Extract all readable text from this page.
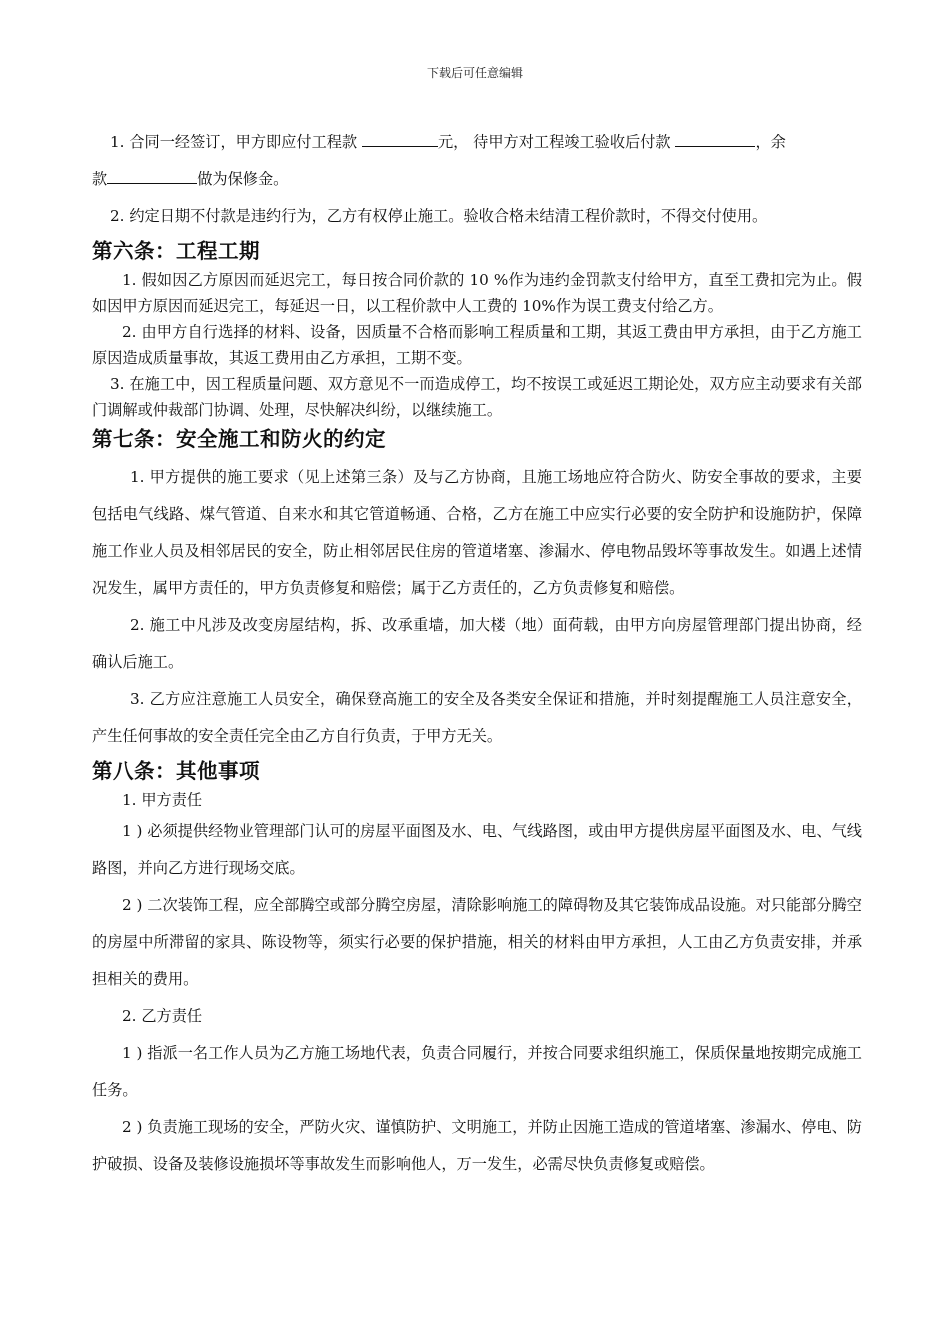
下载后可任意编辑

1. 合同一经签订，甲方即应付工程款	元， 待甲方对工程竣工验收后付款	，余
款	做为保修金。

2. 约定日期不付款是违约行为，乙方有权停止施工。验收合格未结清工程价款时，不得交付使用。

第六条：工程工期

1. 假如因乙方原因而延迟完工，每日按合同价款的 10 %作为违约金罚款支付给甲方，直至工费扣完为止。假如因甲方原因而延迟完工，每延迟一日，以工程价款中人工费的 10%作为误工费支付给乙方。

2. 由甲方自行选择的材料、设备，因质量不合格而影响工程质量和工期，其返工费由甲方承担，由于乙方施工原因造成质量事故，其返工费用由乙方承担，工期不变。

3. 在施工中，因工程质量问题、双方意见不一而造成停工，均不按误工或延迟工期论处，双方应主动要求有关部门调解或仲裁部门协调、处理，尽快解决纠纷，以继续施工。

第七条：安全施工和防火的约定

1. 甲方提供的施工要求（见上述第三条）及与乙方协商，且施工场地应符合防火、防安全事故的要求，主要包括电气线路、煤气管道、自来水和其它管道畅通、合格，乙方在施工中应实行必要的安全防护和设施防护，保障施工作业人员及相邻居民的安全，防止相邻居民住房的管道堵塞、渗漏水、停电物品毁坏等事故发生。如遇上述情况发生，属甲方责任的，甲方负责修复和赔偿；属于乙方责任的，乙方负责修复和赔偿。

2. 施工中凡涉及改变房屋结构，拆、改承重墙，加大楼（地）面荷载，由甲方向房屋管理部门提出协商，经确认后施工。

3. 乙方应注意施工人员安全，确保登高施工的安全及各类安全保证和措施，并时刻提醒施工人员注意安全，产生任何事故的安全责任完全由乙方自行负责，于甲方无关。

第八条：其他事项

1. 甲方责任

1 ) 必须提供经物业管理部门认可的房屋平面图及水、电、气线路图，或由甲方提供房屋平面图及水、电、气线路图，并向乙方进行现场交底。

2 ) 二次装饰工程，应全部腾空或部分腾空房屋，清除影响施工的障碍物及其它装饰成品设施。对只能部分腾空的房屋中所滞留的家具、陈设物等，须实行必要的保护措施，相关的材料由甲方承担，人工由乙方负责安排，并承担相关的费用。

2. 乙方责任

1 ) 指派一名工作人员为乙方施工场地代表，负责合同履行，并按合同要求组织施工，保质保量地按期完成施工任务。

2 ) 负责施工现场的安全，严防火灾、谨慎防护、文明施工，并防止因施工造成的管道堵塞、渗漏水、停电、防护破损、设备及装修设施损坏等事故发生而影响他人，万一发生，必需尽快负责修复或赔偿。
